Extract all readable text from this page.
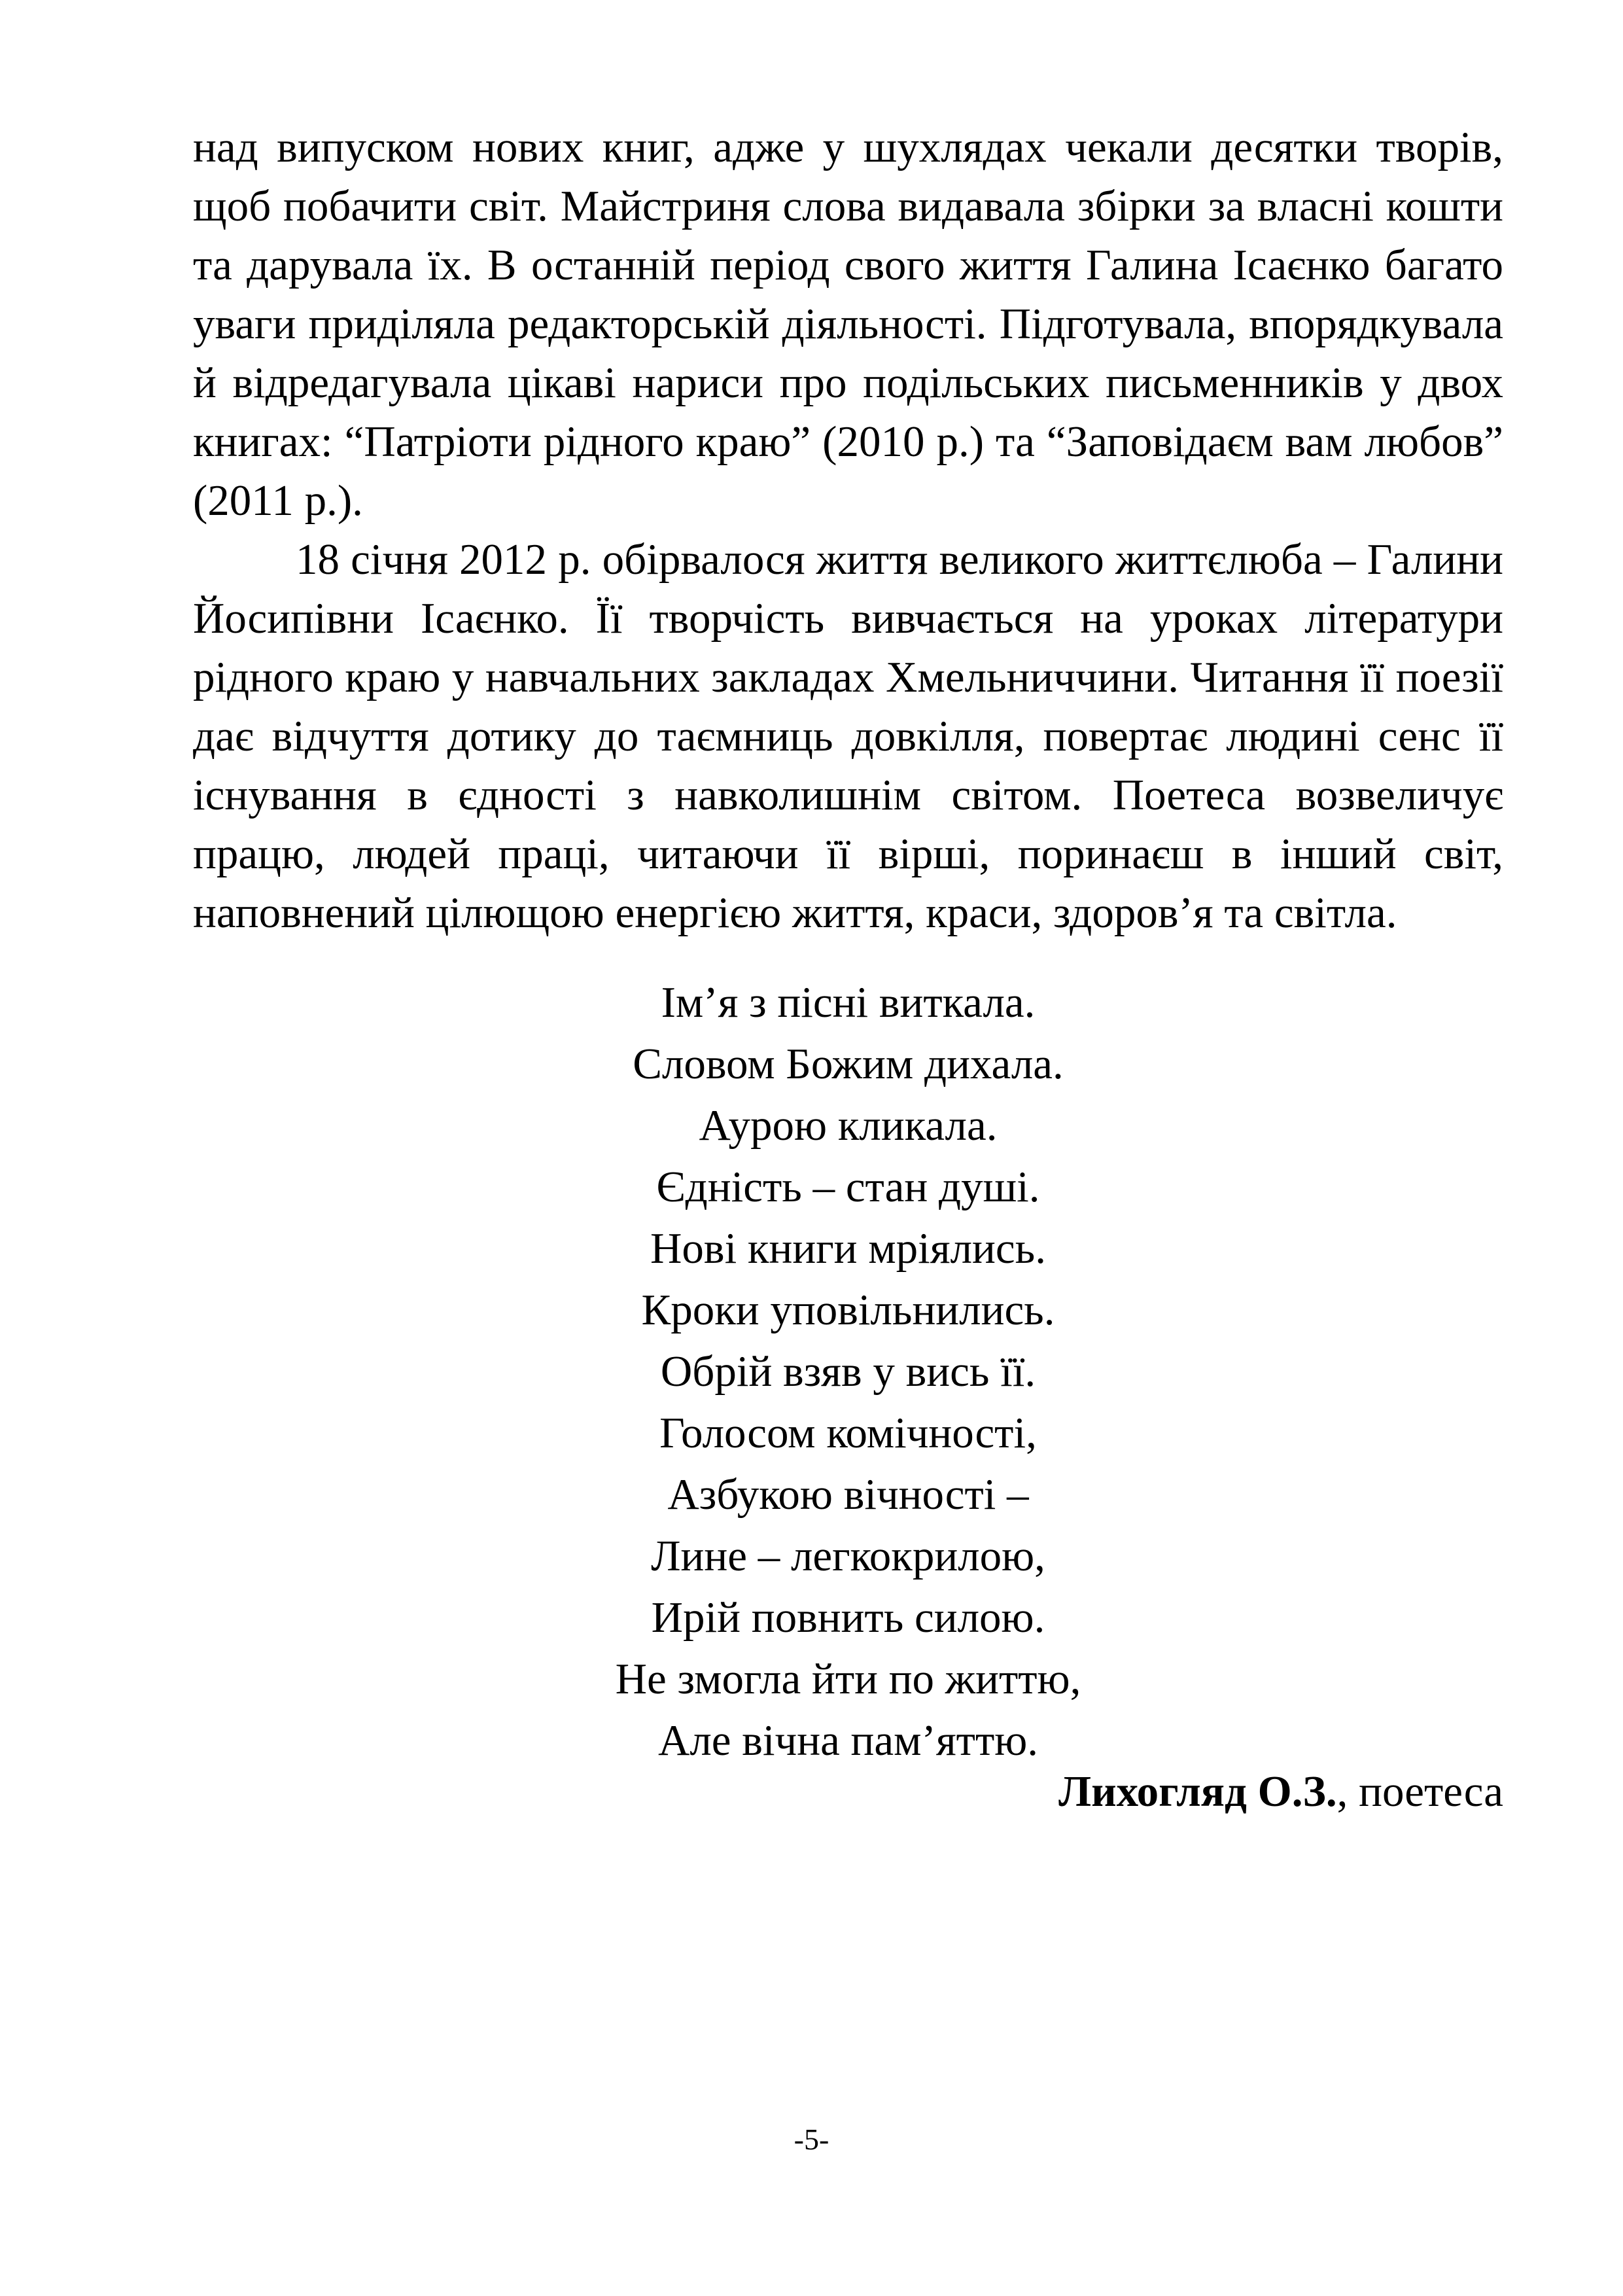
над випуском нових книг, адже у шухлядах чекали десятки творів, щоб побачити світ. Майстриня слова видавала збірки за власні кошти та дарувала їх. В останній період свого життя Галина Ісаєнко багато уваги приділяла редакторській діяльності. Підготувала, впорядкувала й відредагувала цікаві нариси про подільських письменників у двох книгах: “Патріоти рідного краю” (2010 р.) та “Заповідаєм вам любов” (2011 р.).

18 січня 2012 р. обірвалося життя великого життєлюба – Галини Йосипівни Ісаєнко. Її творчість вивчається на уроках літератури рідного краю у навчальних закладах Хмельниччини. Читання її поезії дає відчуття дотику до таємниць довкілля, повертає людині сенс її існування в єдності з навколишнім світом. Поетеса возвеличує працю, людей праці, читаючи її вірші, поринаєш в інший світ, наповнений цілющою енергією життя, краси, здоров’я та світла.

Ім’я з пісні виткала.
Словом Божим дихала.
Аурою кликала.
Єдність – стан душі.
Нові книги мріялись.
Кроки уповільнились.
Обрій взяв у вись її.
Голосом комічності,
Азбукою вічності –
Лине – легкокрилою,
Ирій повнить силою.
Не змогла йти по життю,
Але вічна пам’яттю.
Лихогляд О.З., поетеса
-5-
